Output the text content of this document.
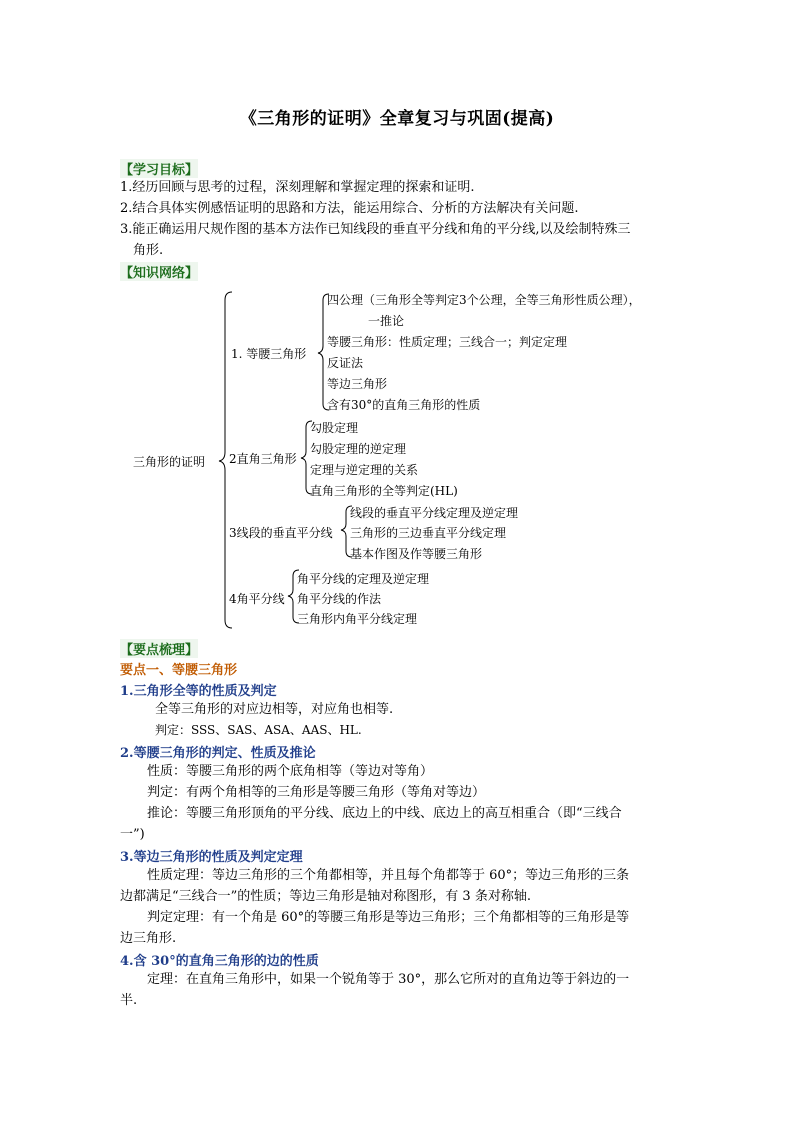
《三角形的证明》全章复习与巩固(提高)
【学习目标】
1.经历回顾与思考的过程，深刻理解和掌握定理的探索和证明.
2.结合具体实例感悟证明的思路和方法，能运用综合、分析的方法解决有关问题.
3.能正确运用尺规作图的基本方法作已知线段的垂直平分线和角的平分线,以及绘制特殊三
角形.
【知识网络】
三角形的证明
1. 等腰三角形
四公理（三角形全等判定3个公理，全等三角形性质公理），
一推论
等腰三角形：性质定理；三线合一；判定定理
反证法
等边三角形
含有30°的直角三角形的性质
2直角三角形
勾股定理
勾股定理的逆定理
定理与逆定理的关系
直角三角形的全等判定(HL)
3线段的垂直平分线
线段的垂直平分线定理及逆定理
三角形的三边垂直平分线定理
基本作图及作等腰三角形
4角平分线
角平分线的定理及逆定理
角平分线的作法
三角形内角平分线定理
【要点梳理】
要点一、等腰三角形
1.三角形全等的性质及判定
全等三角形的对应边相等，对应角也相等.
判定：SSS、SAS、ASA、AAS、HL.
2.等腰三角形的判定、性质及推论
性质：等腰三角形的两个底角相等（等边对等角）
判定：有两个角相等的三角形是等腰三角形（等角对等边）
推论：等腰三角形顶角的平分线、底边上的中线、底边上的高互相重合（即“三线合
一”)
3.等边三角形的性质及判定定理
性质定理：等边三角形的三个角都相等，并且每个角都等于 60°；等边三角形的三条
边都满足“三线合一”的性质；等边三角形是轴对称图形，有 3 条对称轴.
判定定理：有一个角是 60°的等腰三角形是等边三角形；三个角都相等的三角形是等
边三角形.
4.含 30°的直角三角形的边的性质
定理：在直角三角形中，如果一个锐角等于 30°，那么它所对的直角边等于斜边的一
半.
